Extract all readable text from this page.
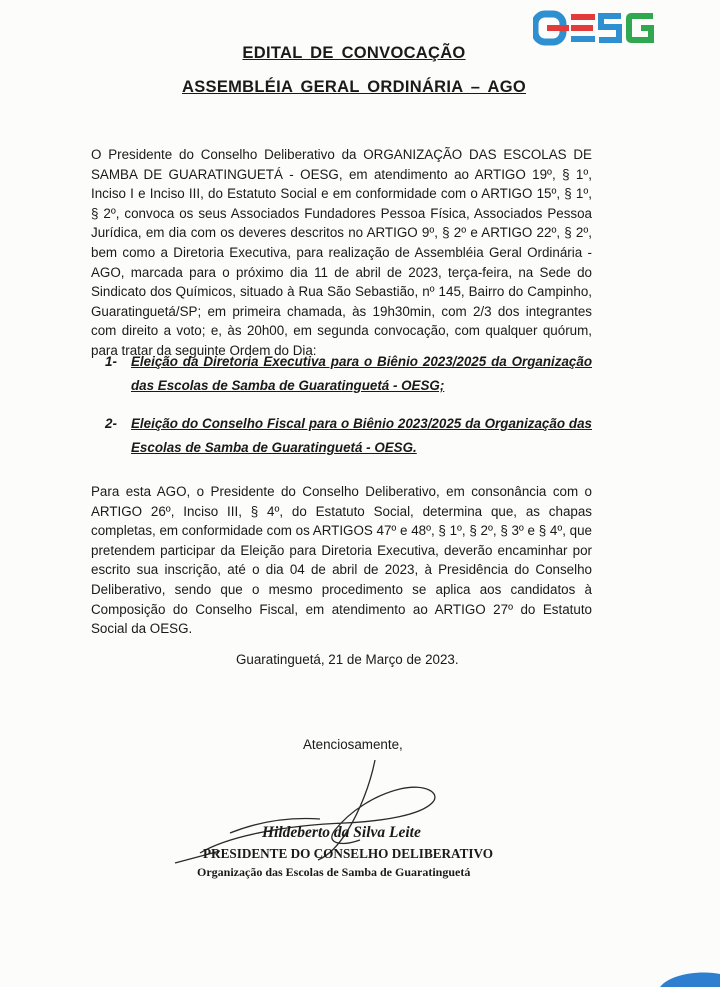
EDITAL DE CONVOCAÇÃO
ASSEMBLÉIA GERAL ORDINÁRIA – AGO
O Presidente do Conselho Deliberativo da ORGANIZAÇÃO DAS ESCOLAS DE SAMBA DE GUARATINGUETÁ - OESG, em atendimento ao ARTIGO 19º, § 1º, Inciso I e Inciso III, do Estatuto Social e em conformidade com o ARTIGO 15º, § 1º, § 2º, convoca os seus Associados Fundadores Pessoa Física, Associados Pessoa Jurídica, em dia com os deveres descritos no ARTIGO 9º, § 2º e ARTIGO 22º, § 2º, bem como a Diretoria Executiva, para realização de Assembléia Geral Ordinária - AGO, marcada para o próximo dia 11 de abril de 2023, terça-feira, na Sede do Sindicato dos Químicos, situado à Rua São Sebastião, nº 145, Bairro do Campinho, Guaratinguetá/SP; em primeira chamada, às 19h30min, com 2/3 dos integrantes com direito a voto; e, às 20h00, em segunda convocação, com qualquer quórum, para tratar da seguinte Ordem do Dia:
1- Eleição da Diretoria Executiva para o Biênio 2023/2025 da Organização das Escolas de Samba de Guaratinguetá - OESG;
2- Eleição do Conselho Fiscal para o Biênio 2023/2025 da Organização das Escolas de Samba de Guaratinguetá - OESG.
Para esta AGO, o Presidente do Conselho Deliberativo, em consonância com o ARTIGO 26º, Inciso III, § 4º, do Estatuto Social, determina que, as chapas completas, em conformidade com os ARTIGOS 47º e 48º, § 1º, § 2º, § 3º e § 4º, que pretendem participar da Eleição para Diretoria Executiva, deverão encaminhar por escrito sua inscrição, até o dia 04 de abril de 2023, à Presidência do Conselho Deliberativo, sendo que o mesmo procedimento se aplica aos candidatos à Composição do Conselho Fiscal, em atendimento ao ARTIGO 27º do Estatuto Social da OESG.
Guaratinguetá, 21 de Março de 2023.
Atenciosamente,
Hildeberto da Silva Leite
PRESIDENTE DO CONSELHO DELIBERATIVO
Organização das Escolas de Samba de Guaratinguetá
